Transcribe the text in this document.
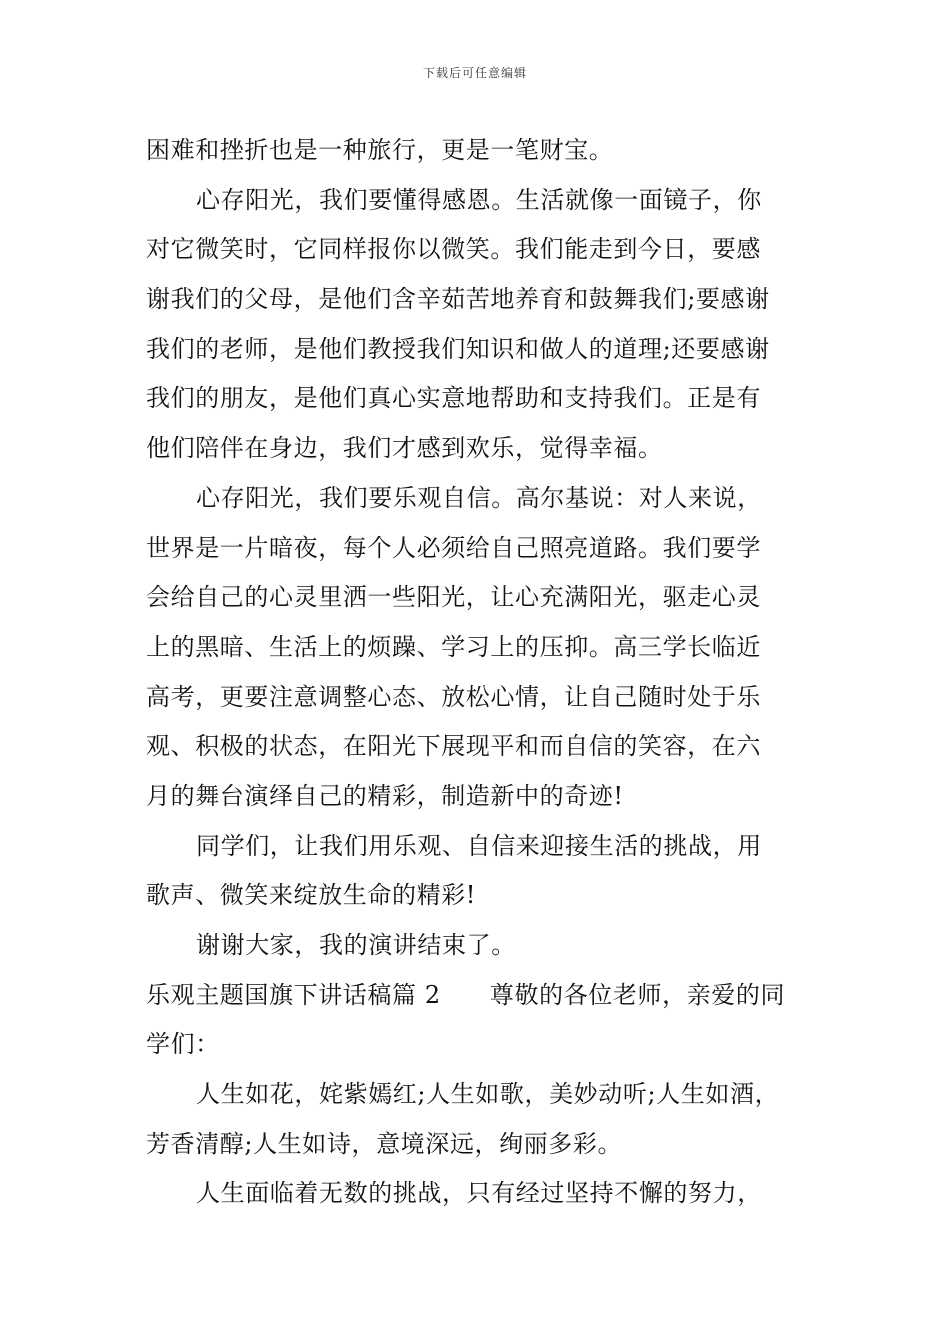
下载后可任意编辑
困难和挫折也是一种旅行，更是一笔财宝。
心存阳光，我们要懂得感恩。生活就像一面镜子，你
对它微笑时，它同样报你以微笑。我们能走到今日，要感
谢我们的父母，是他们含辛茹苦地养育和鼓舞我们;要感谢
我们的老师，是他们教授我们知识和做人的道理;还要感谢
我们的朋友，是他们真心实意地帮助和支持我们。正是有
他们陪伴在身边，我们才感到欢乐，觉得幸福。
心存阳光，我们要乐观自信。高尔基说：对人来说，
世界是一片暗夜，每个人必须给自己照亮道路。我们要学
会给自己的心灵里洒一些阳光，让心充满阳光，驱走心灵
上的黑暗、生活上的烦躁、学习上的压抑。高三学长临近
高考，更要注意调整心态、放松心情，让自己随时处于乐
观、积极的状态，在阳光下展现平和而自信的笑容，在六
月的舞台演绎自己的精彩，制造新中的奇迹!
同学们，让我们用乐观、自信来迎接生活的挑战，用
歌声、微笑来绽放生命的精彩!
谢谢大家，我的演讲结束了。
乐观主题国旗下讲话稿篇 2　　尊敬的各位老师，亲爱的同
学们：
人生如花，姹紫嫣红;人生如歌，美妙动听;人生如酒，
芳香清醇;人生如诗，意境深远，绚丽多彩。
人生面临着无数的挑战，只有经过坚持不懈的努力，
